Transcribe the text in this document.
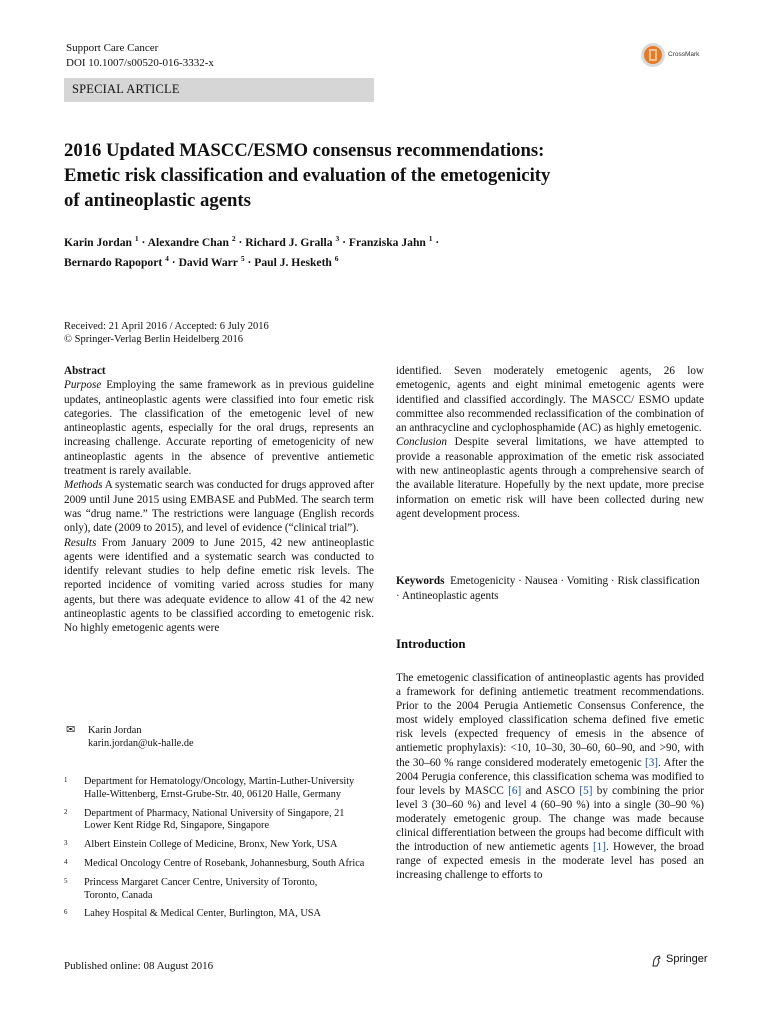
Support Care Cancer
DOI 10.1007/s00520-016-3332-x
CrossMark
SPECIAL ARTICLE
2016 Updated MASCC/ESMO consensus recommendations:
Emetic risk classification and evaluation of the emetogenicity
of antineoplastic agents
Karin Jordan $^1$ · Alexandre Chan $^2$ · Richard J. Gralla $^3$ · Franziska Jahn $^1$ ·
Bernardo Rapoport $^4$ · David Warr $^5$ · Paul J. Hesketh $^6$
Received: 21 April 2016 / Accepted: 6 July 2016
© Springer-Verlag Berlin Heidelberg 2016
Abstract
Purpose Employing the same framework as in previous guideline updates, antineoplastic agents were classified into four emetic risk categories. The classification of the emetogenic level of new antineoplastic agents, especially for the oral drugs, represents an increasing challenge. Accurate reporting of emetogenicity of new antineoplastic agents in the absence of preventive antiemetic treatment is rarely available.
Methods A systematic search was conducted for drugs approved after 2009 until June 2015 using EMBASE and PubMed. The search term was “drug name.” The restrictions were language (English records only), date (2009 to 2015), and level of evidence (“clinical trial”).
Results From January 2009 to June 2015, 42 new antineoplastic agents were identified and a systematic search was conducted to identify relevant studies to help define emetic risk levels. The reported incidence of vomiting varied across studies for many agents, but there was adequate evidence to allow 41 of the 42 new antineoplastic agents to be classified according to emetogenic risk. No highly emetogenic agents were
identified. Seven moderately emetogenic agents, 26 low emetogenic, agents and eight minimal emetogenic agents were identified and classified accordingly. The MASCC/ ESMO update committee also recommended reclassification of the combination of an anthracycline and cyclophosphamide (AC) as highly emetogenic.
Conclusion Despite several limitations, we have attempted to provide a reasonable approximation of the emetic risk associated with new antineoplastic agents through a comprehensive search of the available literature. Hopefully by the next update, more precise information on emetic risk will have been collected during new agent development process.
Keywords Emetogenicity · Nausea · Vomiting · Risk classification · Antineoplastic agents
Introduction
The emetogenic classification of antineoplastic agents has provided a framework for defining antiemetic treatment recommendations. Prior to the 2004 Perugia Antiemetic Consensus Conference, the most widely employed classification schema defined five emetic risk levels (expected frequency of emesis in the absence of antiemetic prophylaxis): <10, 10–30, 30–60, 60–90, and >90, with the 30–60 % range considered moderately emetogenic [3]. After the 2004 Perugia conference, this classification schema was modified to four levels by MASCC [6] and ASCO [5] by combining the prior level 3 (30–60 %) and level 4 (60–90 %) into a single (30–90 %) moderately emetogenic group. The change was made because clinical differentiation between the groups had become difficult with the introduction of new antiemetic agents [1]. However, the broad range of expected emesis in the moderate level has posed an increasing challenge to efforts to
✉ Karin Jordan
karin.jordan@uk-halle.de
1 Department for Hematology/Oncology, Martin-Luther-University
Halle-Wittenberg, Ernst-Grube-Str. 40, 06120 Halle, Germany
2 Department of Pharmacy, National University of Singapore, 21
Lower Kent Ridge Rd, Singapore, Singapore
3 Albert Einstein College of Medicine, Bronx, New York, USA
4 Medical Oncology Centre of Rosebank, Johannesburg, South Africa
5 Princess Margaret Cancer Centre, University of Toronto,
Toronto, Canada
6 Lahey Hospital & Medical Center, Burlington, MA, USA
Published online: 08 August 2016
Springer
